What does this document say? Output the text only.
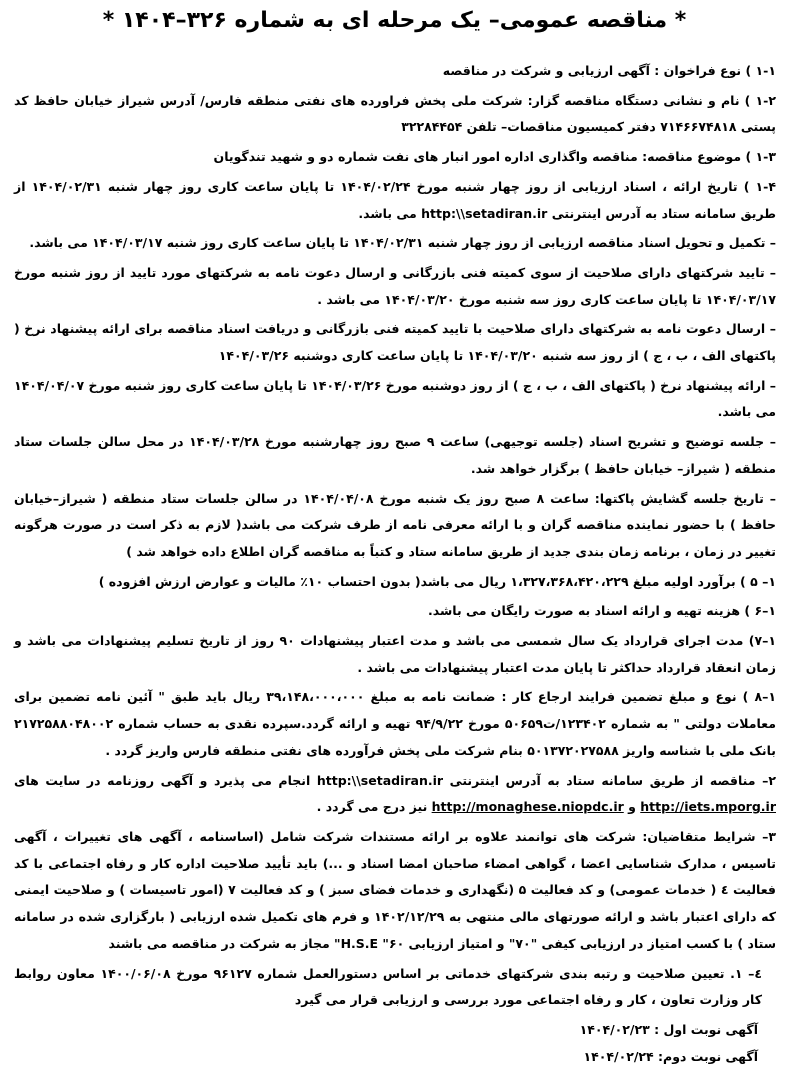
* مناقصه عمومی– یک مرحله ای به شماره ۳۲۶–۱۴۰۴ *

۱-۱ ) نوع فراخوان : آگهی ارزیابی و شرکت در مناقصه

۱-۲ ) نام و نشانی دستگاه مناقصه گزار: شرکت ملی پخش فراورده های نفتی منطقه فارس/ آدرس شیراز خیابان حافظ کد پستی ۷۱۴۶۶۷۴۸۱۸ دفتر کمیسیون مناقصات– تلفن ۳۲۲۸۴۴۵۴

۱-۳ ) موضوع مناقصه: مناقصه واگذاری اداره امور انبار های نفت شماره دو و شهید تندگویان

۱-۴ ) تاریخ ارائه ، اسناد ارزیابی از روز چهار شنبه مورخ ۱۴۰۴/۰۲/۲۴ تا پایان ساعت کاری روز چهار شنبه ۱۴۰۴/۰۲/۳۱ از طریق سامانه ستاد به آدرس اینترنتی http:\\setadiran.ir می باشد.

– تکمیل و تحویل اسناد مناقصه ارزیابی از روز چهار شنبه ۱۴۰۴/۰۲/۳۱ تا پایان ساعت کاری روز شنبه ۱۴۰۴/۰۳/۱۷ می باشد.

– تایید شرکتهای دارای صلاحیت از سوی کمیته فنی بازرگانی و ارسال دعوت نامه به شرکتهای مورد تایید از روز شنبه مورخ ۱۴۰۴/۰۳/۱۷ تا پایان ساعت کاری روز سه شنبه مورخ ۱۴۰۴/۰۳/۲۰ می باشد .

– ارسال دعوت نامه به شرکتهای دارای صلاحیت با تایید کمیته فنی بازرگانی و دریافت اسناد مناقصه برای ارائه پیشنهاد نرخ ( پاکتهای الف ، ب ، ج ) از روز سه شنبه ۱۴۰۴/۰۳/۲۰ تا پایان ساعت کاری دوشنبه ۱۴۰۴/۰۳/۲۶

– ارائه پیشنهاد نرخ ( پاکتهای الف ، ب ، ج ) از روز دوشنبه مورخ ۱۴۰۴/۰۳/۲۶ تا پایان ساعت کاری روز شنبه مورخ ۱۴۰۴/۰۴/۰۷ می باشد.

– جلسه توضیح و تشریح اسناد (جلسه توجیهی) ساعت ۹ صبح روز چهارشنبه مورخ ۱۴۰۴/۰۳/۲۸ در محل سالن جلسات ستاد منطقه ( شیراز– خیابان حافظ ) برگزار خواهد شد.

– تاریخ جلسه گشایش پاکتها: ساعت ۸ صبح روز یک شنبه مورخ ۱۴۰۴/۰۴/۰۸ در سالن جلسات ستاد منطقه ( شیراز–خیابان حافظ ) با حضور نماینده مناقصه گران و با ارائه معرفی نامه از طرف شرکت می باشد( لازم به ذکر است در صورت هرگونه تغییر در زمان ، برنامه زمان بندی جدید از طریق سامانه ستاد و کتباً به مناقصه گران اطلاع داده خواهد شد )

۱– ۵ ) برآورد اولیه مبلغ ۱،۳۲۷،۳۶۸،۴۲۰،۲۲۹ ریال می باشد( بدون احتساب ۱۰٪ مالیات و عوارض ارزش افزوده )

۱–۶ ) هزینه تهیه و ارائه اسناد به صورت رایگان می باشد.

۱–۷) مدت اجرای قرارداد یک سال شمسی می باشد و مدت اعتبار پیشنهادات ۹۰ روز از تاریخ تسلیم پیشنهادات می باشد و زمان انعقاد قرارداد حداکثر تا پایان مدت اعتبار پیشنهادات می باشد .

۱–۸ ) نوع و مبلغ تضمین فرایند ارجاع کار : ضمانت نامه به مبلغ ۳۹،۱۴۸،۰۰۰،۰۰۰ ریال باید طبق " آئین نامه تضمین برای معاملات دولتی " به شماره ۱۲۳۴۰۲/ت۵۰۶۵۹ مورخ ۹۴/۹/۲۲ تهیه و ارائه گردد.سپرده نقدی به حساب شماره ۲۱۷۲۵۸۸۰۴۸۰۰۲ بانک ملی با شناسه واریز ۵۰۱۳۷۲۰۲۷۵۸۸ بنام شرکت ملی پخش فرآورده های نفتی منطقه فارس واریز گردد .

۲– مناقصه از طریق سامانه ستاد به آدرس اینترنتی http:\\setadiran.ir انجام می پذیرد و آگهی روزنامه در سایت های http://iets.mporg.ir و http://monaghese.niopdc.ir نیز درج می گردد .

۳– شرایط متقاضیان: شرکت های توانمند علاوه بر ارائه مستندات شرکت شامل (اساسنامه ، آگهی های تغییرات ، آگهی تاسیس ، مدارک شناسایی اعضا ، گواهی امضاء صاحبان امضا اسناد و ...) باید تأیید صلاحیت اداره کار و رفاه اجتماعی با کد فعالیت ٤ ( خدمات عمومی) و کد فعالیت ۵ (نگهداری و خدمات فضای سبز ) و کد فعالیت ۷ (امور تاسیسات ) و صلاحیت ایمنی که دارای اعتبار باشد و ارائه صورتهای مالی منتهی به ۱۴۰۲/۱۲/۲۹ و فرم های تکمیل شده ارزیابی ( بارگزاری شده در سامانه ستاد ) با کسب امتیاز در ارزیابی کیفی "۷۰" و امتیاز ارزیابی H.S.E "۶۰" مجاز به شرکت در مناقصه می باشند

٤– ۱. تعیین صلاحیت و رتبه بندی شرکتهای خدماتی بر اساس دستورالعمل شماره ۹۶۱۲۷ مورخ ۱۴۰۰/۰۶/۰۸ معاون روابط کار وزارت تعاون ، کار و رفاه اجتماعی مورد بررسی و ارزیابی قرار می گیرد

آگهی نوبت اول : ۱۴۰۴/۰۲/۲۳

آگهی نوبت دوم: ۱۴۰۴/۰۲/۲۴
